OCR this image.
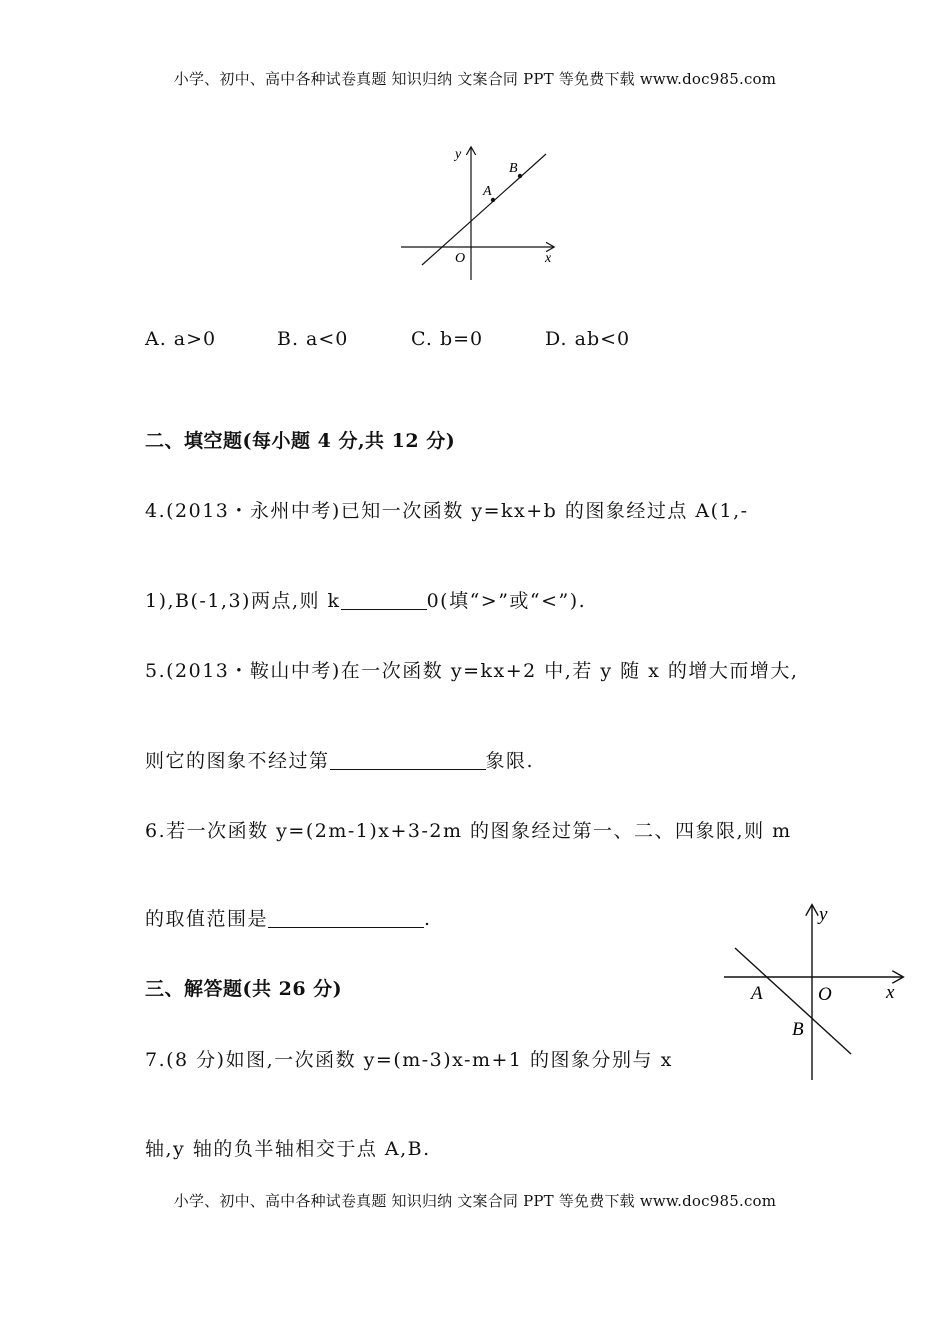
小学、初中、高中各种试卷真题 知识归纳 文案合同 PPT 等免费下载 www.doc985.com
y
x
O
A
B
A. a>0	B. a<0	C. b=0	D. ab<0
二、填空题(每小题 4 分,共 12 分)
4.(2013・永州中考)已知一次函数 y=kx+b 的图象经过点 A(1,-
1),B(-1,3)两点,则 k	0(填“>”或“<”).
5.(2013・鞍山中考)在一次函数 y=kx+2 中,若 y 随 x 的增大而增大,
则它的图象不经过第	象限.
6.若一次函数 y=(2m-1)x+3-2m 的图象经过第一、二、四象限,则 m
的取值范围是	.
三、解答题(共 26 分)
7.(8 分)如图,一次函数 y=(m-3)x-m+1 的图象分别与 x
轴,y 轴的负半轴相交于点 A,B.
y
x
O
A
B
小学、初中、高中各种试卷真题 知识归纳 文案合同 PPT 等免费下载 www.doc985.com
